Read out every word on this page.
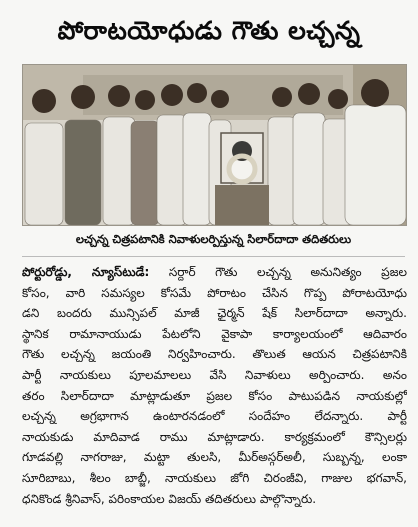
పోరాటయోధుడు గౌతు లచ్చన్న
లచ్చన్న చిత్రపటానికి నివాళులర్పిస్తున్న సిలార్‌దాదా తదితరులు
పోర్టురోడ్డు, న్యూస్‌టుడే: సర్దార్ గౌతు లచ్చన్న అనునిత్యం ప్రజల
కోసం, వారి సమస్యల కోసమే పోరాటం చేసిన గొప్ప పోరాటయోధు
డని బందరు మున్సిపల్ మాజీ ఛైర్మన్ షేక్ సిలార్‌దాదా అన్నారు.
స్థానిక రామానాయుడు పేటలోని వైకాపా కార్యాలయంలో ఆదివారం
గౌతు లచ్చన్న జయంతి నిర్వహించారు. తొలుత ఆయన చిత్రపటానికి
పార్టీ నాయకులు పూలమాలలు వేసి నివాళులు అర్పించారు. అనం
తరం సిలార్‌దాదా మాట్లాడుతూ ప్రజల కోసం పాటుపడిన నాయకుల్లో
లచ్చన్న అగ్రభాగాన ఉంటారనడంలో సందేహం లేదన్నారు. పార్టీ
నాయకుడు మాదివాడ రాము మాట్లాడారు. కార్యక్రమంలో కౌన్సిలర్లు
గూడవల్లి నాగరాజు, మట్టా తులసి, మీర్‌అస్గర్‌అలీ, సుబ్బన్న, లంకా
సూరిబాబు, శీలం బాబ్జీ, నాయకులు జోగి చిరంజీవి, గాజుల భగవాన్,
ధనికొండ శ్రీనివాస్, పరింకాయల విజయ్ తదితరులు పాల్గొన్నారు.
